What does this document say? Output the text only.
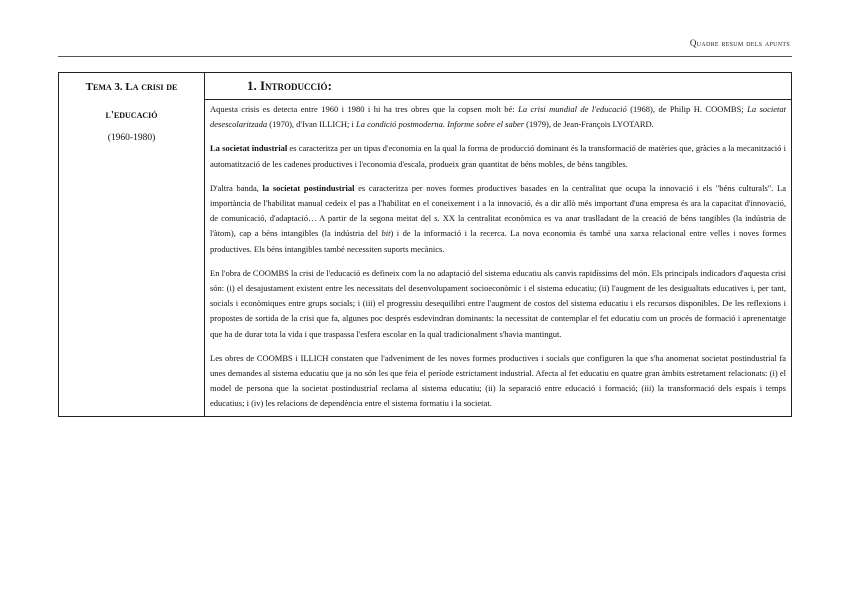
Quadre resum dels apunts
Tema 3. La crisi de
l'educació
(1960-1980)

1. Introducció:

Aquesta crisis es detecta entre 1960 i 1980 i hi ha tres obres que la copsen molt bé: La crisi mundial de l'educació (1968), de Philip H. COOMBS; La societat desescolaritzada (1970), d'Ivan ILLICH; i La condició postmoderna. Informe sobre el saber (1979), de Jean-François LYOTARD.

La societat industrial es caracteritza per un tipus d'economia en la qual la forma de producció dominant és la transformació de matèries que, gràcies a la mecanització i automatització de les cadenes productives i l'economia d'escala, produeix gran quantitat de béns mobles, de béns tangibles.

D'altra banda, la societat postindustrial es caracteritza per noves formes productives basades en la centralitat que ocupa la innovació i els "béns culturals". La importància de l'habilitat manual cedeix el pas a l'habilitat en el coneixement i a la innovació, és a dir allò més important d'una empresa és ara la capacitat d'innovació, de comunicació, d'adaptació… A partir de la segona meitat del s. XX la centralitat econòmica es va anar traslladant de la creació de béns tangibles (la indústria de l'àtom), cap a béns intangibles (la indústria del bit) i de la informació i la recerca. La nova economia és també una xarxa relacional entre velles i noves formes productives. Els béns intangibles també necessiten suports mecànics.

En l'obra de COOMBS la crisi de l'educació es defineix com la no adaptació del sistema educatiu als canvis rapidíssims del món. Els principals indicadors d'aquesta crisi són: (i) el desajustament existent entre les necessitats del desenvolupament socioeconòmic i el sistema educatiu; (ii) l'augment de les desigualtats educatives i, per tant, socials i econòmiques entre grups socials; i (iii) el progressiu desequilibri entre l'augment de costos del sistema educatiu i els recursos disponibles. De les reflexions i propostes de sortida de la crisi que fa, algunes poc després esdevindran dominants: la necessitat de contemplar el fet educatiu com un procés de formació i aprenentatge que ha de durar tota la vida i que traspassa l'esfera escolar en la qual tradicionalment s'havia mantingut.

Les obres de COOMBS i ILLICH constaten que l'adveniment de les noves formes productives i socials que configuren la que s'ha anomenat societat postindustrial fa unes demandes al sistema educatiu que ja no són les que feia el període estrictament industrial. Afecta al fet educatiu en quatre gran àmbits estretament relacionats: (i) el model de persona que la societat postindustrial reclama al sistema educatiu; (ii) la separació entre educació i formació; (iii) la transformació dels espais i temps educatius; i (iv) les relacions de dependència entre el sistema formatiu i la societat.
